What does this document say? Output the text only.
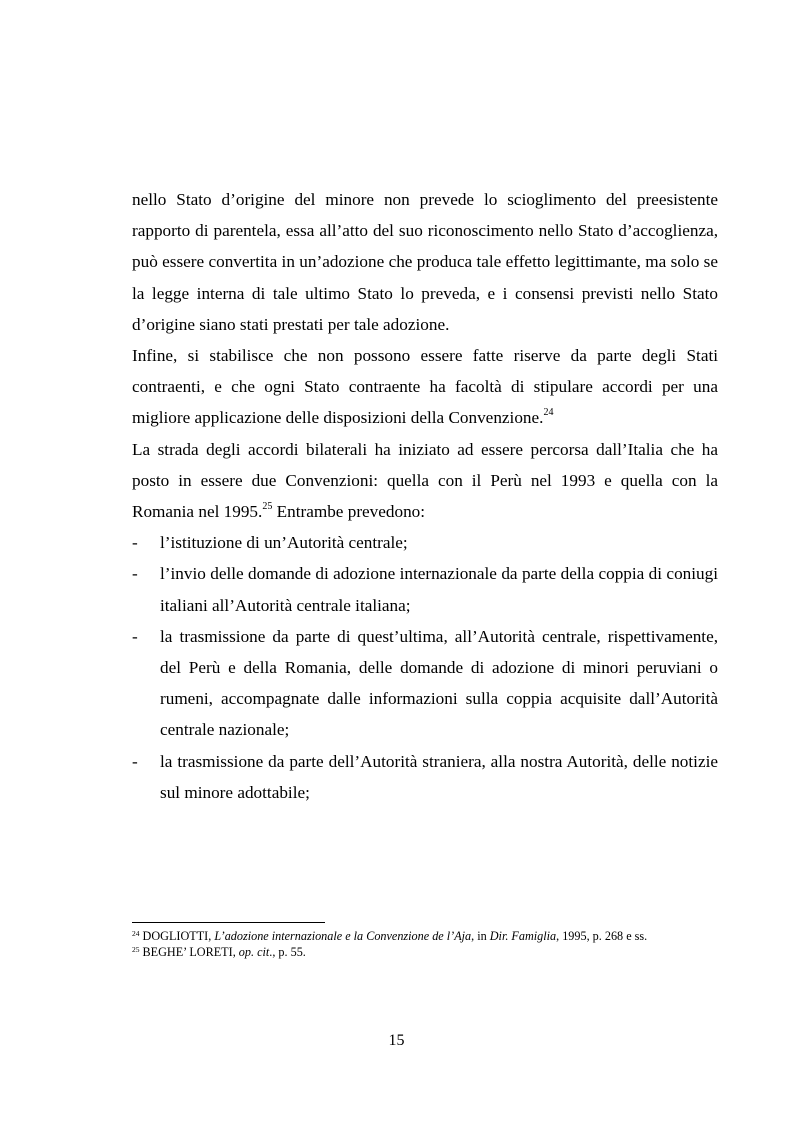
nello Stato d’origine del minore non prevede lo scioglimento del preesistente rapporto di parentela, essa all’atto del suo riconoscimento nello Stato d’accoglienza, può essere convertita in un’adozione che produca tale effetto legittimante, ma solo se la legge interna di tale ultimo Stato lo preveda, e i consensi previsti nello Stato d’origine siano stati prestati per tale adozione.

Infine, si stabilisce che non possono essere fatte riserve da parte degli Stati contraenti, e che ogni Stato contraente ha facoltà di stipulare accordi per una migliore applicazione delle disposizioni della Convenzione.$^{24}$

La strada degli accordi bilaterali ha iniziato ad essere percorsa dall’Italia che ha posto in essere due Convenzioni: quella con il Perù nel 1993 e quella con la Romania nel 1995.25 Entrambe prevedono:

- l’istituzione di un’Autorità centrale;
- l’invio delle domande di adozione internazionale da parte della coppia di coniugi italiani all’Autorità centrale italiana;
- la trasmissione da parte di quest’ultima, all’Autorità centrale, rispettivamente, del Perù e della Romania, delle domande di adozione di minori peruviani o rumeni, accompagnate dalle informazioni sulla coppia acquisite dall’Autorità centrale nazionale;
- la trasmissione da parte dell’Autorità straniera, alla nostra Autorità, delle notizie sul minore adottabile;
$^{24}$ DOGLIOTTI, L’adozione internazionale e la Convenzione de l’Aja, in Dir. Famiglia, 1995, p. 268 e ss.
$^{25}$ BEGHE’ LORETI, op. cit., p. 55.
15
